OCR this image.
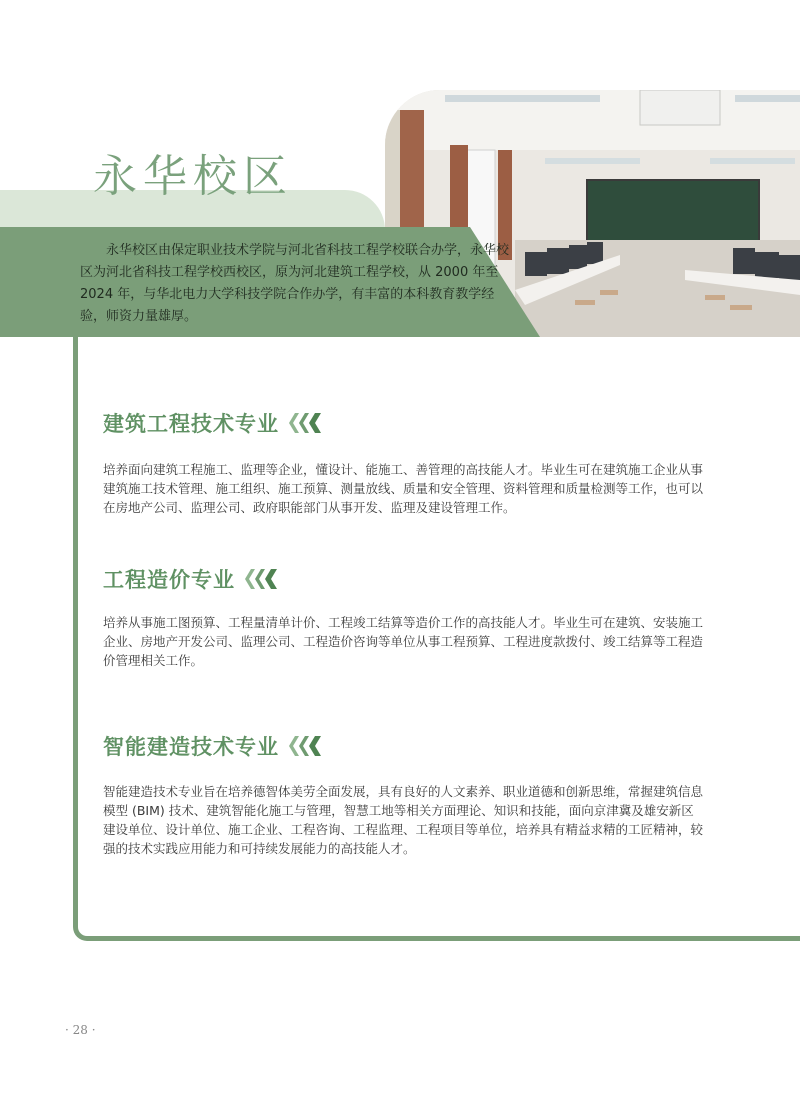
永华校区

永华校区由保定职业技术学院与河北省科技工程学校联合办学，永华校区为河北省科技工程学校西校区，原为河北建筑工程学校，从 2000 年至 2024 年，与华北电力大学科技学院合作办学，有丰富的本科教育教学经验，师资力量雄厚。

建筑工程技术专业

培养面向建筑工程施工、监理等企业，懂设计、能施工、善管理的高技能人才。毕业生可在建筑施工企业从事建筑施工技术管理、施工组织、施工预算、测量放线、质量和安全管理、资料管理和质量检测等工作，也可以在房地产公司、监理公司、政府职能部门从事开发、监理及建设管理工作。

工程造价专业

培养从事施工图预算、工程量清单计价、工程竣工结算等造价工作的高技能人才。毕业生可在建筑、安装施工企业、房地产开发公司、监理公司、工程造价咨询等单位从事工程预算、工程进度款拨付、竣工结算等工程造价管理相关工作。

智能建造技术专业

智能建造技术专业旨在培养德智体美劳全面发展，具有良好的人文素养、职业道德和创新思维，常握建筑信息模型 (BIM) 技术、建筑智能化施工与管理，智慧工地等相关方面理论、知识和技能，面向京津冀及雄安新区建设单位、设计单位、施工企业、工程咨询、工程监理、工程项目等单位，培养具有精益求精的工匠精神，较强的技术实践应用能力和可持续发展能力的高技能人才。

· 28 ·
